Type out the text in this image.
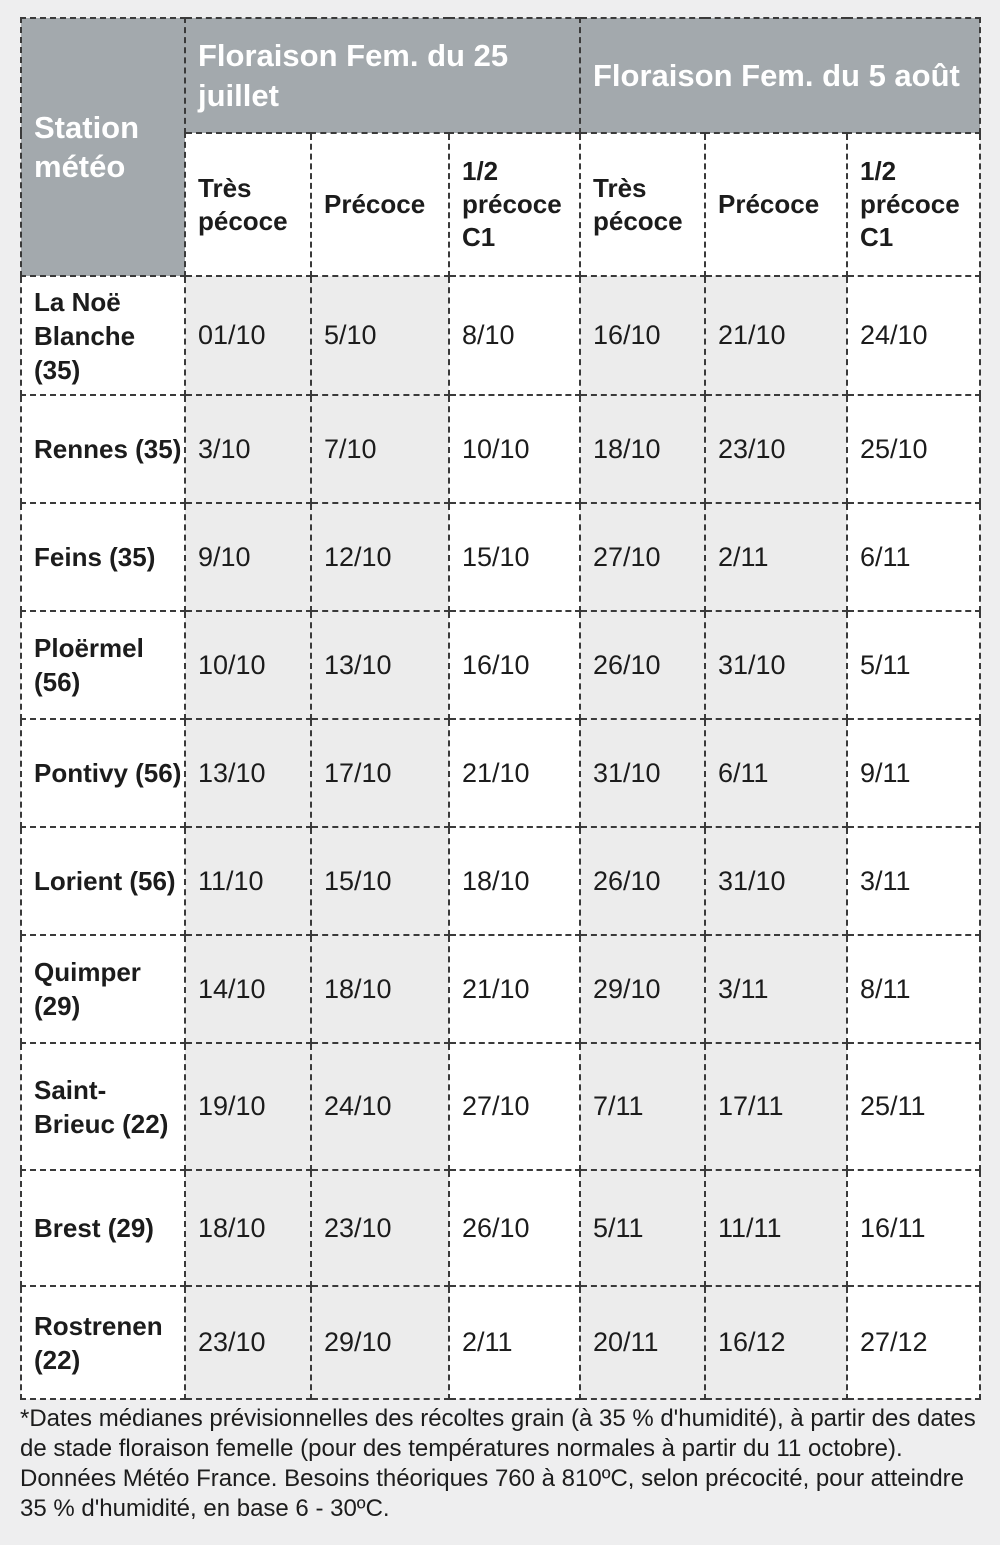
Station météo	Floraison Fem. du 25 juillet			Floraison Fem. du 5 août		
	Très pécoce	Précoce	1/2 précoce C1	Très pécoce	Précoce	1/2 précoce C1
La Noë Blanche (35)	01/10	5/10	8/10	16/10	21/10	24/10
Rennes (35)	3/10	7/10	10/10	18/10	23/10	25/10
Feins (35)	9/10	12/10	15/10	27/10	2/11	6/11
Ploërmel (56)	10/10	13/10	16/10	26/10	31/10	5/11
Pontivy (56)	13/10	17/10	21/10	31/10	6/11	9/11
Lorient (56)	11/10	15/10	18/10	26/10	31/10	3/11
Quimper (29)	14/10	18/10	21/10	29/10	3/11	8/11
Saint-Brieuc (22)	19/10	24/10	27/10	7/11	17/11	25/11
Brest (29)	18/10	23/10	26/10	5/11	11/11	16/11
Rostrenen (22)	23/10	29/10	2/11	20/11	16/12	27/12
*Dates médianes prévisionnelles des récoltes grain (à 35 % d'humidité), à partir des dates de stade floraison femelle (pour des températures normales à partir du 11 octobre). Données Météo France. Besoins théoriques 760 à 810ºC, selon précocité, pour atteindre 35 % d'humidité, en base 6 - 30ºC.
